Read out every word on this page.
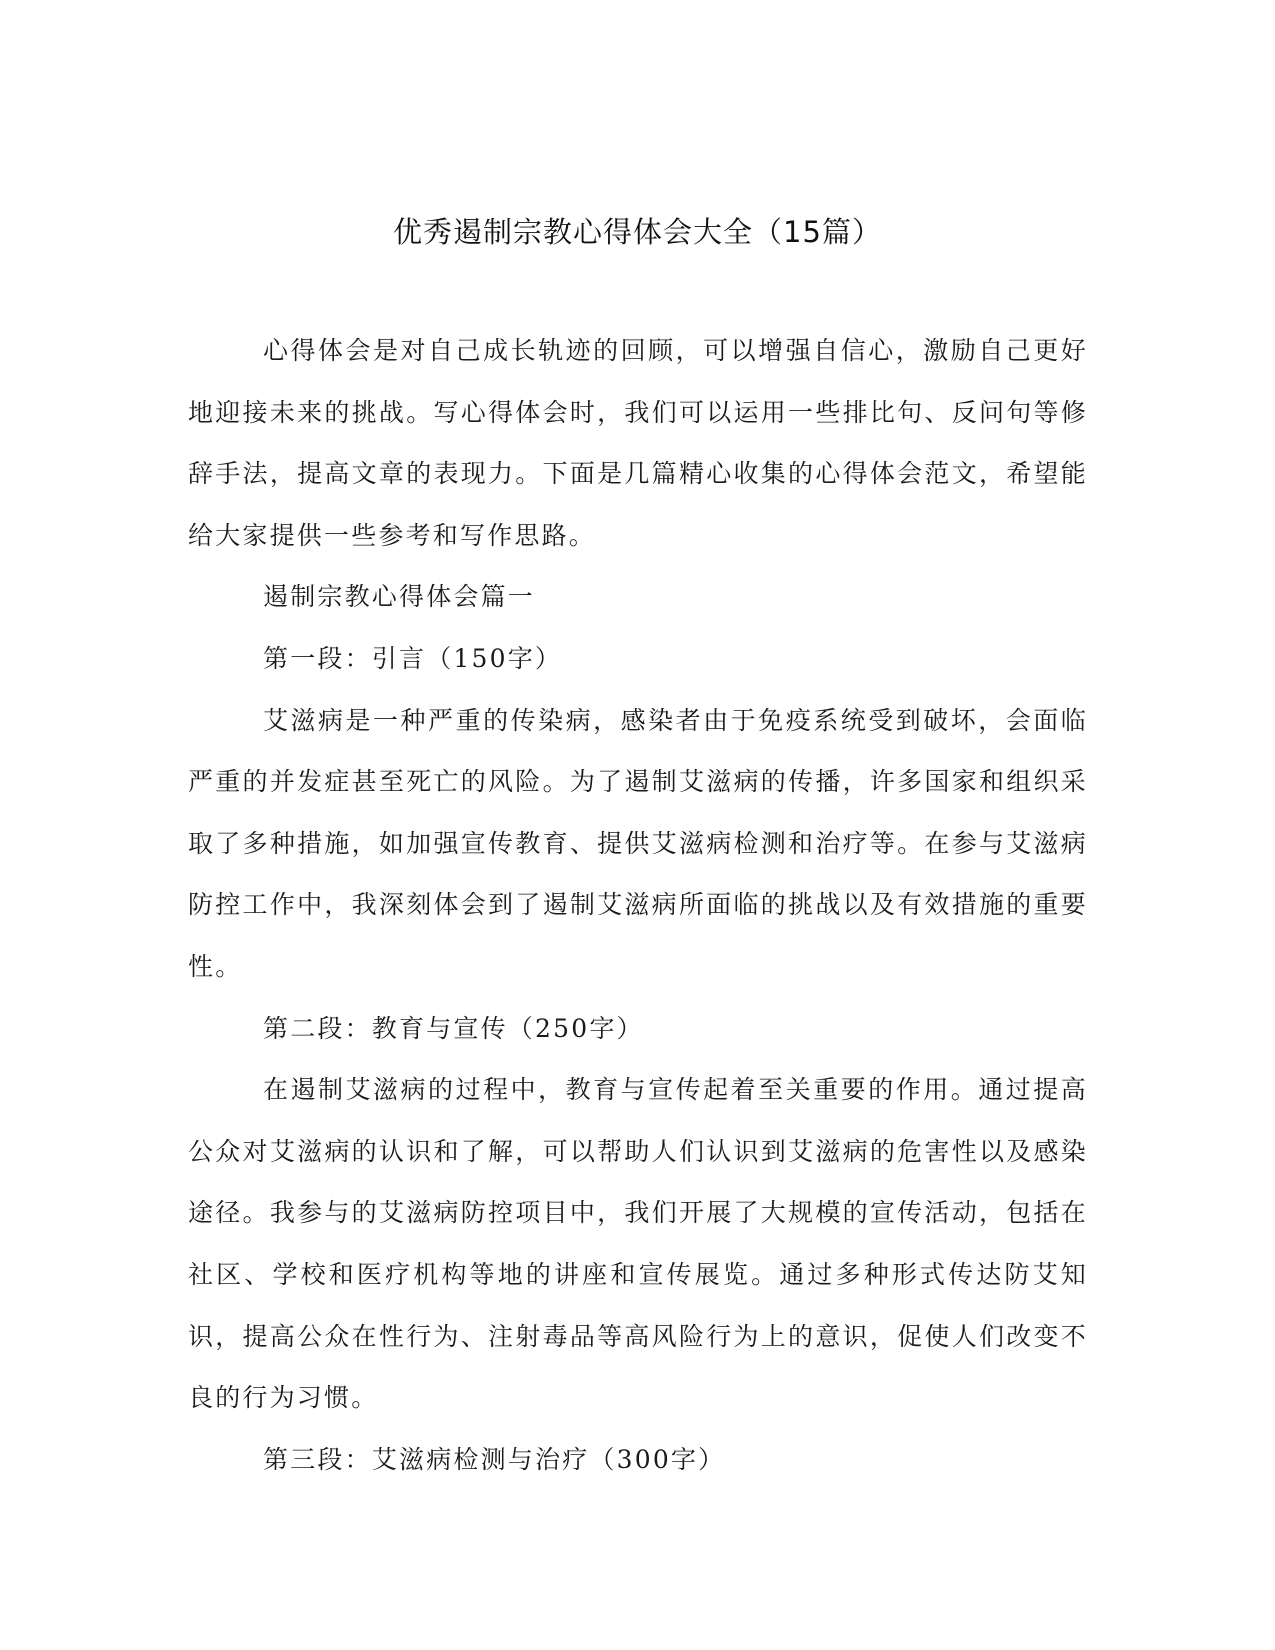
优秀遏制宗教心得体会大全（15篇）

心得体会是对自己成长轨迹的回顾，可以增强自信心，激励自己更好地迎接未来的挑战。写心得体会时，我们可以运用一些排比句、反问句等修辞手法，提高文章的表现力。下面是几篇精心收集的心得体会范文，希望能给大家提供一些参考和写作思路。

遏制宗教心得体会篇一

第一段：引言（150字）

艾滋病是一种严重的传染病，感染者由于免疫系统受到破坏，会面临严重的并发症甚至死亡的风险。为了遏制艾滋病的传播，许多国家和组织采取了多种措施，如加强宣传教育、提供艾滋病检测和治疗等。在参与艾滋病防控工作中，我深刻体会到了遏制艾滋病所面临的挑战以及有效措施的重要性。

第二段：教育与宣传（250字）

在遏制艾滋病的过程中，教育与宣传起着至关重要的作用。通过提高公众对艾滋病的认识和了解，可以帮助人们认识到艾滋病的危害性以及感染途径。我参与的艾滋病防控项目中，我们开展了大规模的宣传活动，包括在社区、学校和医疗机构等地的讲座和宣传展览。通过多种形式传达防艾知识，提高公众在性行为、注射毒品等高风险行为上的意识，促使人们改变不良的行为习惯。

第三段：艾滋病检测与治疗（300字）
